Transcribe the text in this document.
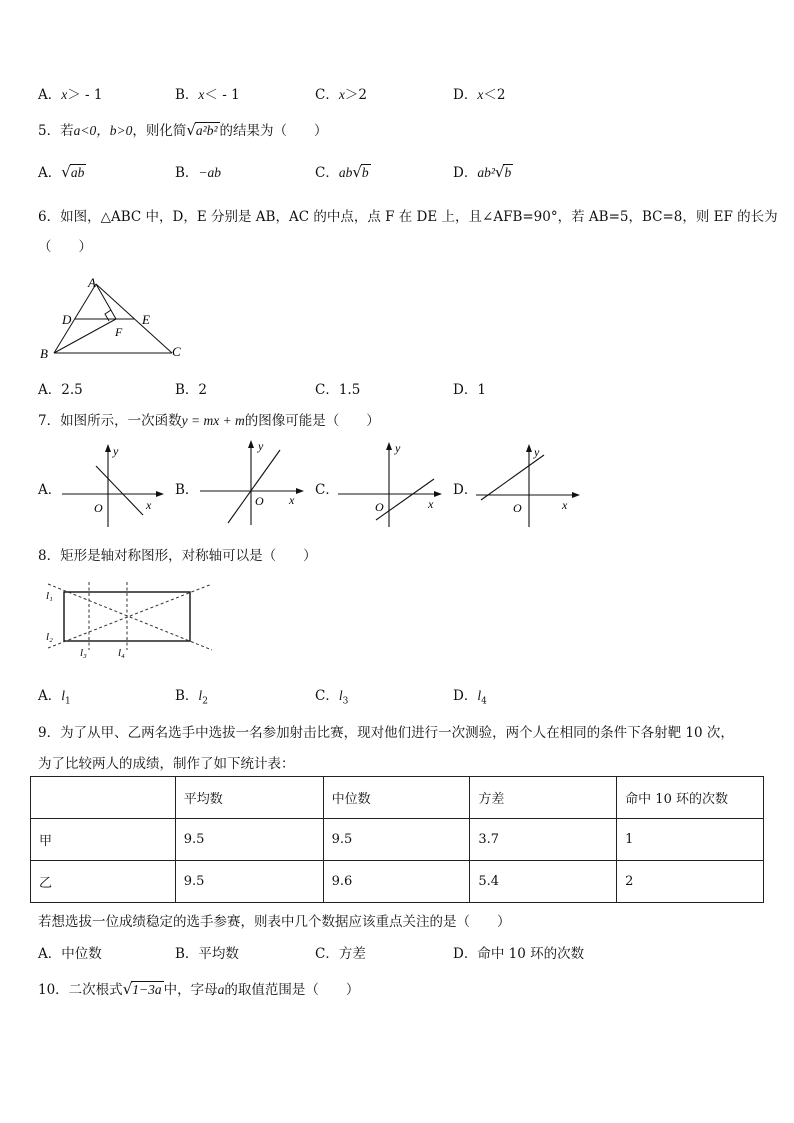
A．x＞ - 1	B．x＜ - 1	C．x＞2	D．x＜2
5．若a<0，b>0，则化简√a²b² 的结果为（　　）
A．√ab	B．−ab	C．ab√b	D．ab²√b
6．如图，△ABC 中，D，E 分别是 AB，AC 的中点，点 F 在 DE 上，且∠AFB=90°，若 AB=5，BC=8，则 EF 的长为
（　　）
A
D	E
F
B	C
A．2.5	B．2	C．1.5	D．1
7．如图所示，一次函数y = mx + m的图像可能是（　　）
A．
y
x
O
B．
y
x
O
C．
y
x
O
D．
y
x
O
8．矩形是轴对称图形，对称轴可以是（　　）
l₁
l₂
l₃	l₄
A．$l_1$	B．$l_2$	C．$l_3$	D．$l_4$
9．为了从甲、乙两名选手中选拔一名参加射击比赛，现对他们进行一次测验，两个人在相同的条件下各射靶 10 次，
为了比较两人的成绩，制作了如下统计表：
	平均数	中位数	方差	命中 10 环的次数
甲	9.5	9.5	3.7	1
乙	9.5	9.6	5.4	2
若想选拔一位成绩稳定的选手参赛，则表中几个数据应该重点关注的是（　　）
A．中位数	B．平均数	C．方差	D．命中 10 环的次数
10．二次根式√1−3a 中，字母a的取值范围是（　　）
